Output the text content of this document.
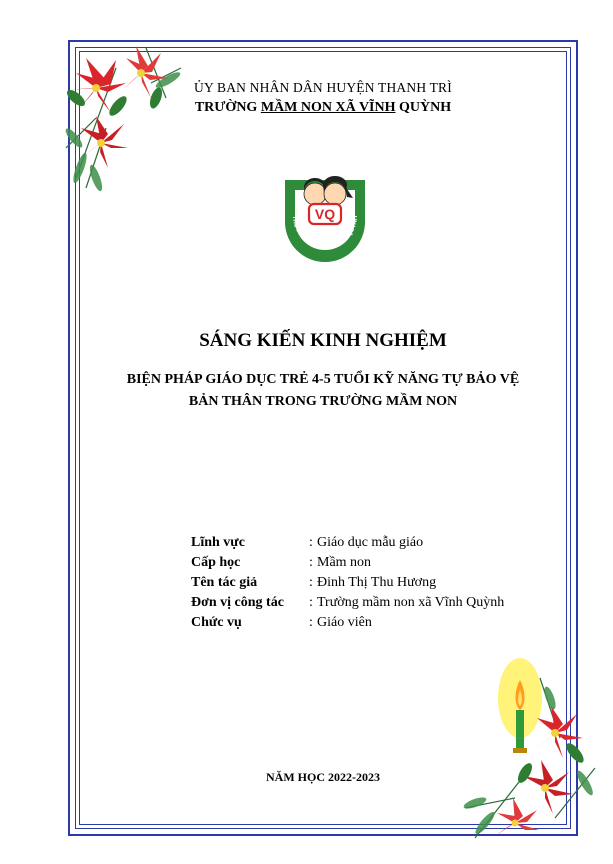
ỦY BAN NHÂN DÂN HUYỆN THANH TRÌ
TRƯỜNG MẦM NON XÃ VĨNH QUỲNH
VQ
TRƯỜNG MẦM NON VĨNH QUỲNH
SÁNG KIẾN KINH NGHIỆM
BIỆN PHÁP GIÁO DỤC TRẺ 4-5 TUỔI KỸ NĂNG TỰ BẢO VỆ
BẢN THÂN TRONG TRƯỜNG MẦM NON
Lĩnh vực	: Giáo dục mẫu giáo
Cấp học	: Mầm non
Tên tác giả	: Đinh Thị Thu Hương
Đơn vị công tác	: Trường mầm non xã Vĩnh Quỳnh
Chức vụ	: Giáo viên
NĂM HỌC 2022-2023
